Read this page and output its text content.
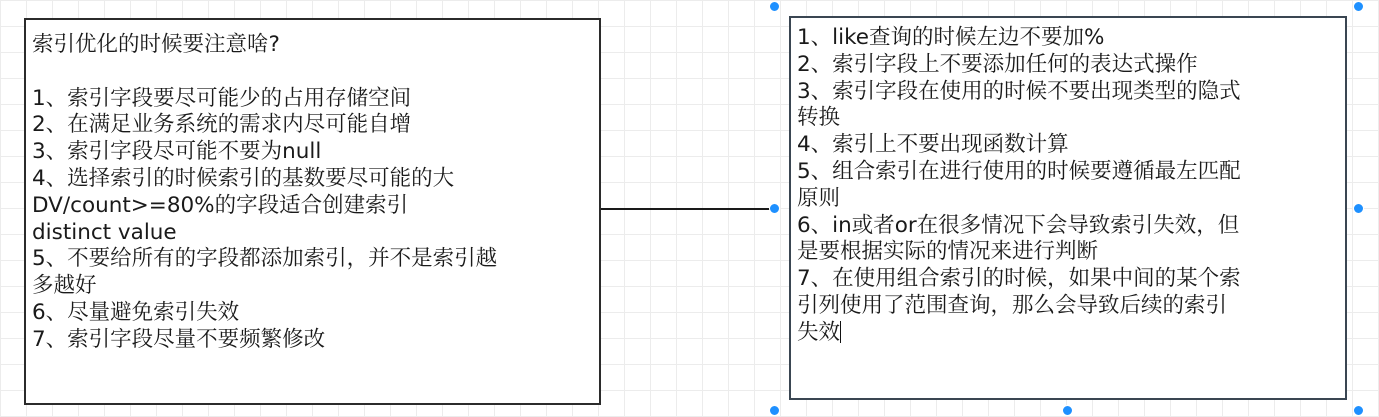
索引优化的时候要注意啥?
1、索引字段要尽可能少的占用存储空间
2、在满足业务系统的需求内尽可能自增
3、索引字段尽可能不要为null
4、选择索引的时候索引的基数要尽可能的大
DV/count>=80%的字段适合创建索引
distinct value
5、不要给所有的字段都添加索引，并不是索引越
多越好
6、尽量避免索引失效
7、索引字段尽量不要频繁修改
1、like查询的时候左边不要加%
2、索引字段上不要添加任何的表达式操作
3、索引字段在使用的时候不要出现类型的隐式
转换
4、索引上不要出现函数计算
5、组合索引在进行使用的时候要遵循最左匹配
原则
6、in或者or在很多情况下会导致索引失效，但
是要根据实际的情况来进行判断
7、在使用组合索引的时候，如果中间的某个索
引列使用了范围查询，那么会导致后续的索引
失效
